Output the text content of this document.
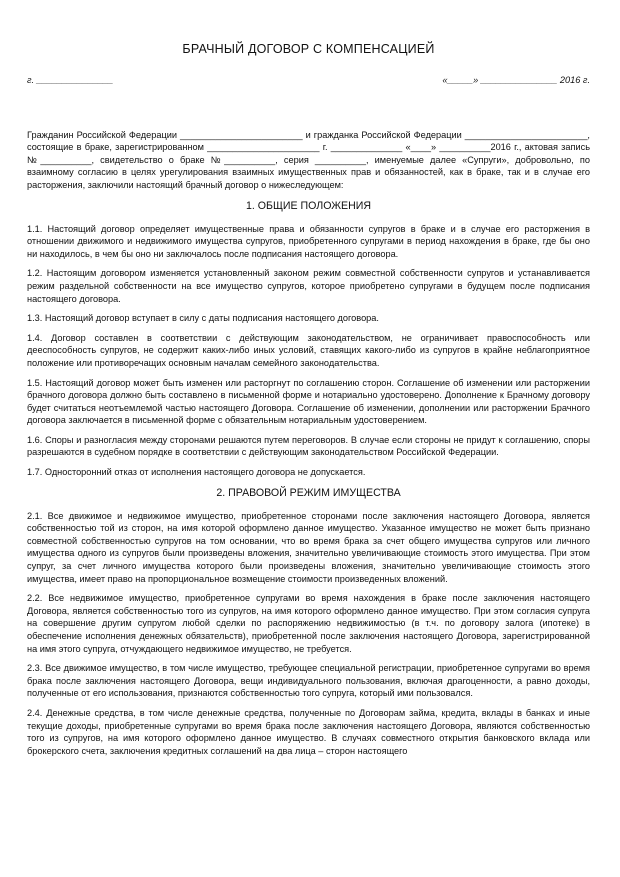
БРАЧНЫЙ ДОГОВОР С КОМПЕНСАЦИЕЙ
г. _______________	«_____» _______________ 2016 г.
Гражданин Российской Федерации ________________________ и гражданка Российской Федерации ________________________, состоящие в браке, зарегистрированном ______________________ г. ______________ «____» __________2016 г., актовая запись №__________, свидетельство о браке №__________, серия __________, именуемые далее «Супруги», добровольно, по взаимному согласию в целях урегулирования взаимных имущественных прав и обязанностей, как в браке, так и в случае его расторжения, заключили настоящий брачный договор о нижеследующем:
1. ОБЩИЕ ПОЛОЖЕНИЯ
1.1. Настоящий договор определяет имущественные права и обязанности супругов в браке и в случае его расторжения в отношении движимого и недвижимого имущества супругов, приобретенного супругами в период нахождения в браке, где бы оно ни находилось, в чем бы оно ни заключалось после подписания настоящего договора.
1.2. Настоящим договором изменяется установленный законом режим совместной собственности супругов и устанавливается режим раздельной собственности на все имущество супругов, которое приобретено супругами в будущем после подписания настоящего договора.
1.3. Настоящий договор вступает в силу с даты подписания настоящего договора.
1.4. Договор составлен в соответствии с действующим законодательством, не ограничивает правоспособность или дееспособность супругов, не содержит каких-либо иных условий, ставящих какого-либо из супругов в крайне неблагоприятное положение или противоречащих основным началам семейного законодательства.
1.5. Настоящий договор может быть изменен или расторгнут по соглашению сторон. Соглашение об изменении или расторжении брачного договора должно быть составлено в письменной форме и нотариально удостоверено. Дополнение к Брачному договору будет считаться неотъемлемой частью настоящего Договора. Соглашение об изменении, дополнении или расторжении Брачного договора заключается в письменной форме с обязательным нотариальным удостоверением.
1.6. Споры и разногласия между сторонами решаются путем переговоров. В случае если стороны не придут к соглашению, споры разрешаются в судебном порядке в соответствии с действующим законодательством Российской Федерации.
1.7. Односторонний отказ от исполнения настоящего договора не допускается.
2. ПРАВОВОЙ РЕЖИМ ИМУЩЕСТВА
2.1. Все движимое и недвижимое имущество, приобретенное сторонами после заключения настоящего Договора, является собственностью той из сторон, на имя которой оформлено данное имущество. Указанное имущество не может быть признано совместной собственностью супругов на том основании, что во время брака за счет общего имущества супругов или личного имущества одного из супругов были произведены вложения, значительно увеличивающие стоимость этого имущества. При этом супруг, за счет личного имущества которого были произведены вложения, значительно увеличивающие стоимость этого имущества, имеет право на пропорциональное возмещение стоимости произведенных вложений.
2.2. Все недвижимое имущество, приобретенное супругами во время нахождения в браке после заключения настоящего Договора, является собственностью того из супругов, на имя которого оформлено данное имущество. При этом согласия супруга на совершение другим супругом любой сделки по распоряжению недвижимостью (в т.ч. по договору залога (ипотеке) в обеспечение исполнения денежных обязательств), приобретенной после заключения настоящего Договора, зарегистрированной на имя этого супруга, отчуждающего недвижимое имущество, не требуется.
2.3. Все движимое имущество, в том числе имущество, требующее специальной регистрации, приобретенное супругами во время брака после заключения настоящего Договора, вещи индивидуального пользования, включая драгоценности, а равно доходы, полученные от его использования, признаются собственностью того супруга, который ими пользовался.
2.4. Денежные средства, в том числе денежные средства, полученные по Договорам займа, кредита, вклады в банках и иные текущие доходы, приобретенные супругами во время брака после заключения настоящего Договора, являются собственностью того из супругов, на имя которого оформлено данное имущество. В случаях совместного открытия банковского вклада или брокерского счета, заключения кредитных соглашений на два лица – сторон настоящего
